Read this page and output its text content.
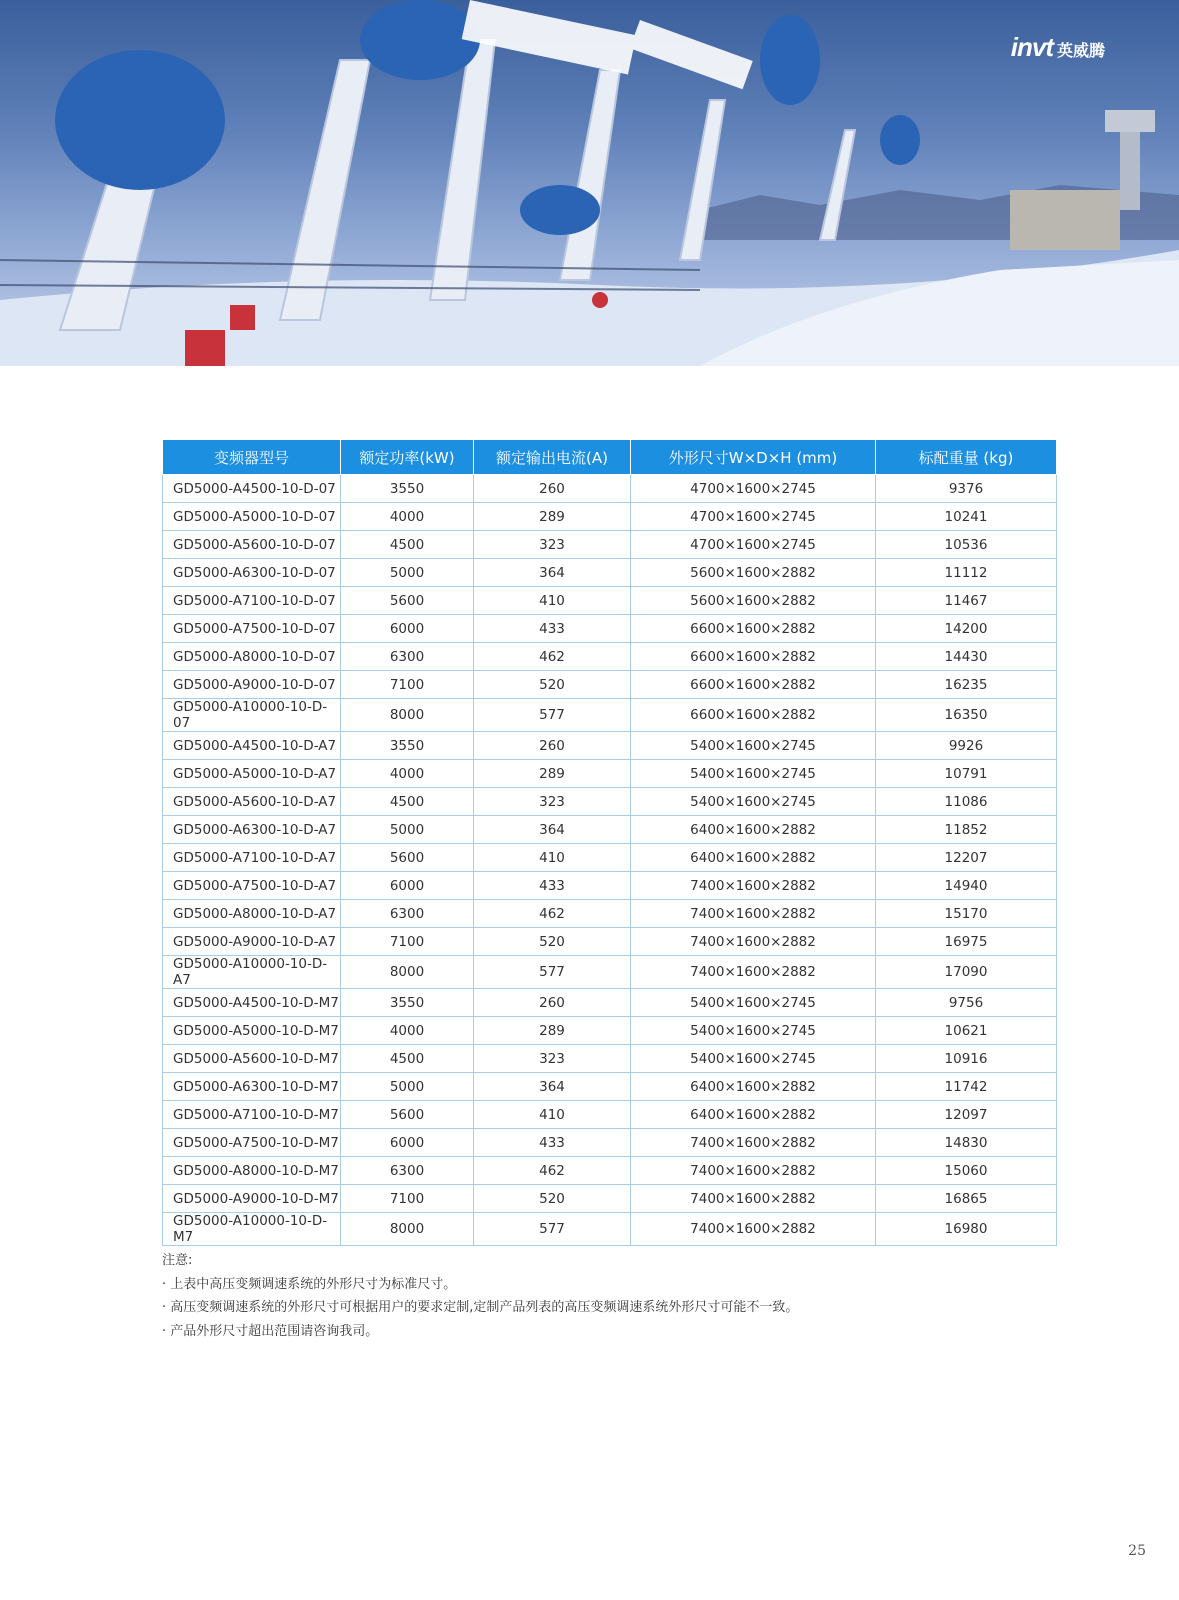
invt 英威腾
变频器型号	额定功率(kW)	额定输出电流(A)	外形尺寸W×D×H (mm)	标配重量 (kg)
GD5000-A4500-10-D-07	3550	260	4700×1600×2745	9376
GD5000-A5000-10-D-07	4000	289	4700×1600×2745	10241
GD5000-A5600-10-D-07	4500	323	4700×1600×2745	10536
GD5000-A6300-10-D-07	5000	364	5600×1600×2882	11112
GD5000-A7100-10-D-07	5600	410	5600×1600×2882	11467
GD5000-A7500-10-D-07	6000	433	6600×1600×2882	14200
GD5000-A8000-10-D-07	6300	462	6600×1600×2882	14430
GD5000-A9000-10-D-07	7100	520	6600×1600×2882	16235
GD5000-A10000-10-D-07	8000	577	6600×1600×2882	16350
GD5000-A4500-10-D-A7	3550	260	5400×1600×2745	9926
GD5000-A5000-10-D-A7	4000	289	5400×1600×2745	10791
GD5000-A5600-10-D-A7	4500	323	5400×1600×2745	11086
GD5000-A6300-10-D-A7	5000	364	6400×1600×2882	11852
GD5000-A7100-10-D-A7	5600	410	6400×1600×2882	12207
GD5000-A7500-10-D-A7	6000	433	7400×1600×2882	14940
GD5000-A8000-10-D-A7	6300	462	7400×1600×2882	15170
GD5000-A9000-10-D-A7	7100	520	7400×1600×2882	16975
GD5000-A10000-10-D-A7	8000	577	7400×1600×2882	17090
GD5000-A4500-10-D-M7	3550	260	5400×1600×2745	9756
GD5000-A5000-10-D-M7	4000	289	5400×1600×2745	10621
GD5000-A5600-10-D-M7	4500	323	5400×1600×2745	10916
GD5000-A6300-10-D-M7	5000	364	6400×1600×2882	11742
GD5000-A7100-10-D-M7	5600	410	6400×1600×2882	12097
GD5000-A7500-10-D-M7	6000	433	7400×1600×2882	14830
GD5000-A8000-10-D-M7	6300	462	7400×1600×2882	15060
GD5000-A9000-10-D-M7	7100	520	7400×1600×2882	16865
GD5000-A10000-10-D-M7	8000	577	7400×1600×2882	16980
注意:
· 上表中高压变频调速系统的外形尺寸为标准尺寸。
· 高压变频调速系统的外形尺寸可根据用户的要求定制,定制产品列表的高压变频调速系统外形尺寸可能不一致。
· 产品外形尺寸超出范围请咨询我司。
25
